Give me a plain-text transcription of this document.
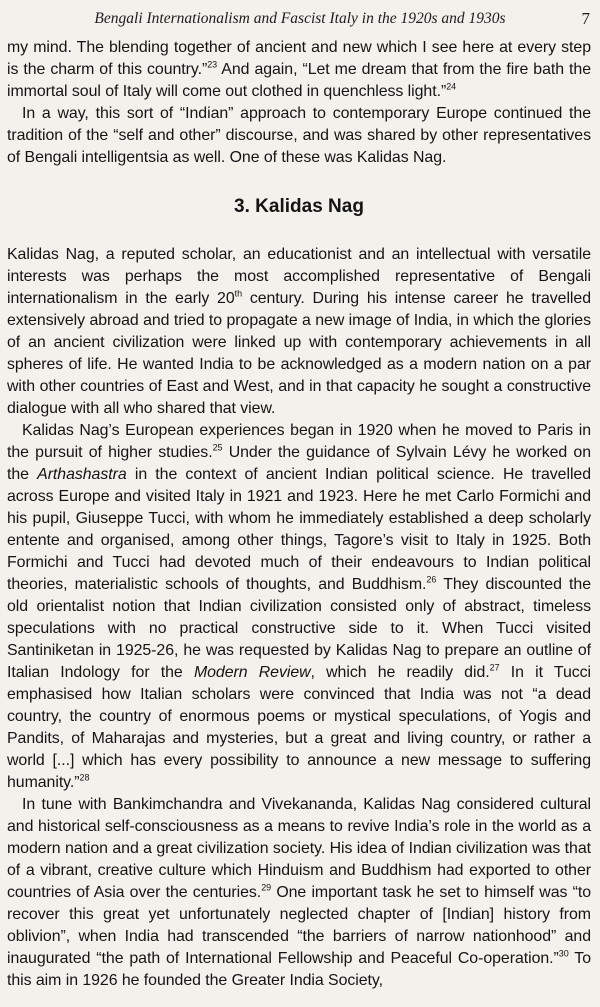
Bengali Internationalism and Fascist Italy in the 1920s and 1930s	7

my mind. The blending together of ancient and new which I see here at every step is the charm of this country.”$^{23}$ And again, “Let me dream that from the fire bath the immortal soul of Italy will come out clothed in quenchless light.”$^{24}$

In a way, this sort of “Indian” approach to contemporary Europe continued the tradition of the “self and other” discourse, and was shared by other representatives of Bengali intelligentsia as well. One of these was Kalidas Nag.

3. Kalidas Nag

Kalidas Nag, a reputed scholar, an educationist and an intellectual with versatile interests was perhaps the most accomplished representative of Bengali internationalism in the early 20th century. During his intense career he travelled extensively abroad and tried to propagate a new image of India, in which the glories of an ancient civilization were linked up with contemporary achievements in all spheres of life. He wanted India to be acknowledged as a modern nation on a par with other countries of East and West, and in that capacity he sought a constructive dialogue with all who shared that view.

Kalidas Nag’s European experiences began in 1920 when he moved to Paris in the pursuit of higher studies.$^{25}$ Under the guidance of Sylvain Lévy he worked on the Arthashastra in the context of ancient Indian political science. He travelled across Europe and visited Italy in 1921 and 1923. Here he met Carlo Formichi and his pupil, Giuseppe Tucci, with whom he immediately established a deep scholarly entente and organised, among other things, Tagore’s visit to Italy in 1925. Both Formichi and Tucci had devoted much of their endeavours to Indian political theories, materialistic schools of thoughts, and Buddhism.$^{26}$ They discounted the old orientalist notion that Indian civilization consisted only of abstract, timeless speculations with no practical constructive side to it. When Tucci visited Santiniketan in 1925-26, he was requested by Kalidas Nag to prepare an outline of Italian Indology for the Modern Review, which he readily did.$^{27}$ In it Tucci emphasised how Italian scholars were convinced that India was not “a dead country, the country of enormous poems or mystical speculations, of Yogis and Pandits, of Maharajas and mysteries, but a great and living country, or rather a world [...] which has every possibility to announce a new message to suffering humanity.”$^{28}$

In tune with Bankimchandra and Vivekananda, Kalidas Nag considered cultural and historical self-consciousness as a means to revive India’s role in the world as a modern nation and a great civilization society. His idea of Indian civilization was that of a vibrant, creative culture which Hinduism and Buddhism had exported to other countries of Asia over the centuries.$^{29}$ One important task he set to himself was “to recover this great yet unfortunately neglected chapter of [Indian] history from oblivion”, when India had transcended “the barriers of narrow nationhood” and inaugurated “the path of International Fellowship and Peaceful Co-operation.”$^{30}$ To this aim in 1926 he founded the Greater India Society,
